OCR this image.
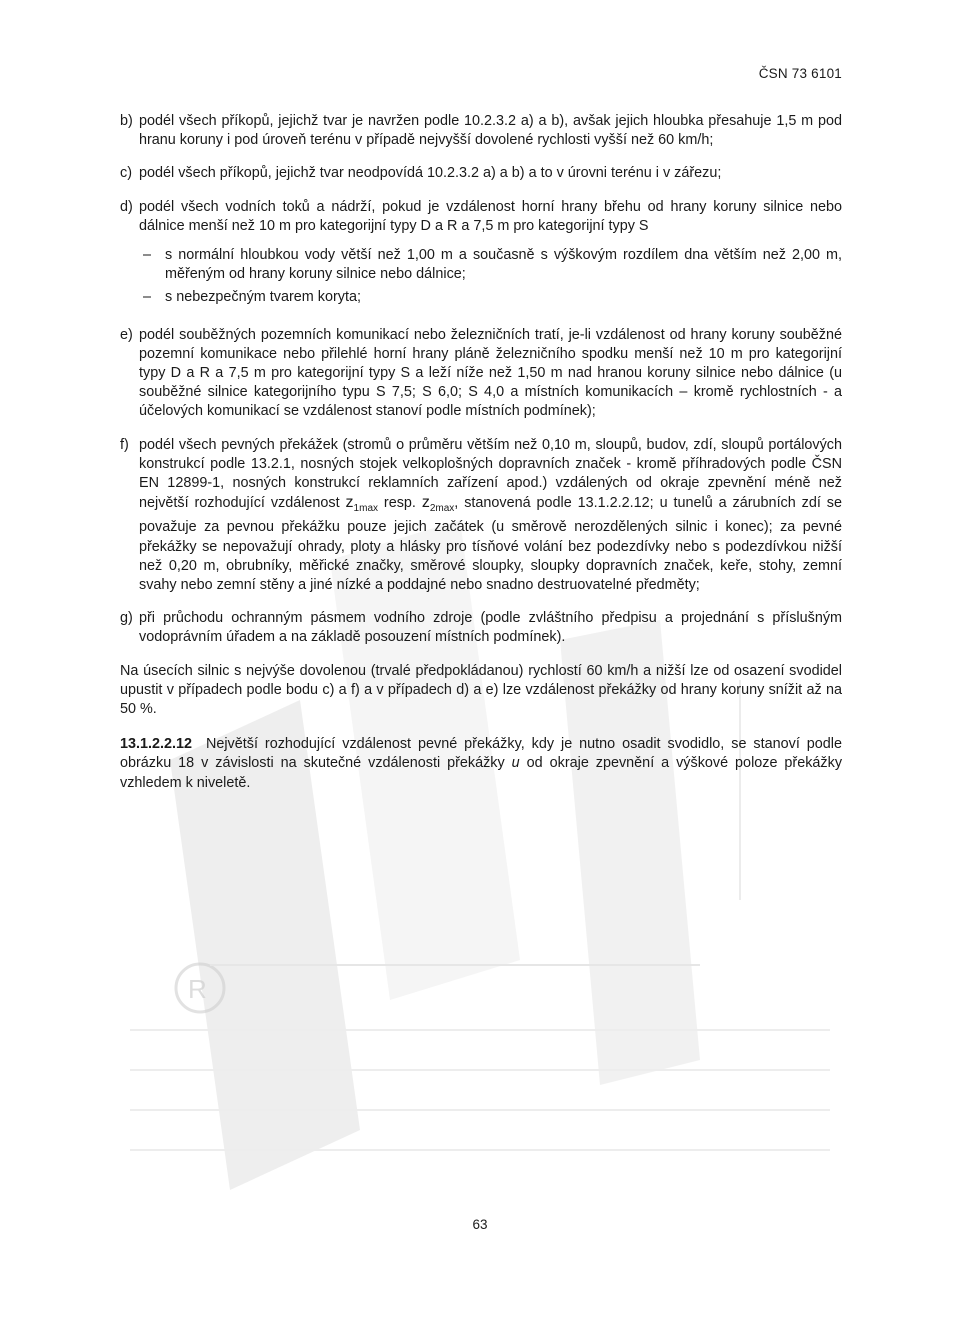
R
ČSN 73 6101
b) podél všech příkopů, jejichž tvar je navržen podle 10.2.3.2 a) a b), avšak jejich hloubka přesahuje 1,5 m pod hranu koruny i pod úroveň terénu v případě nejvyšší dovolené rychlosti vyšší než 60 km/h;
c) podél všech příkopů, jejichž tvar neodpovídá 10.2.3.2 a) a b) a to v úrovni terénu i v zářezu;
d) podél všech vodních toků a nádrží, pokud je vzdálenost horní hrany břehu od hrany koruny silnice nebo dálnice menší než 10 m pro kategorijní typy D a R a 7,5 m pro kategorijní typy S
– s normální hloubkou vody větší než 1,00 m a současně s výškovým rozdílem dna větším než 2,00 m, měřeným od hrany koruny silnice nebo dálnice;
– s nebezpečným tvarem koryta;
e) podél souběžných pozemních komunikací nebo železničních tratí, je-li vzdálenost od hrany koruny souběžné pozemní komunikace nebo přilehlé horní hrany pláně železničního spodku menší než 10 m pro kategorijní typy D a R a 7,5 m pro kategorijní typy S a leží níže než 1,50 m nad hranou koruny silnice nebo dálnice (u souběžné silnice kategorijního typu S 7,5; S 6,0; S 4,0 a místních komunikacích – kromě rychlostních - a účelových komunikací se vzdálenost stanoví podle místních podmínek);
f) podél všech pevných překážek (stromů o průměru větším než 0,10 m, sloupů, budov, zdí, sloupů portálových konstrukcí podle 13.2.1, nosných stojek velkoplošných dopravních značek - kromě příhradových podle ČSN EN 12899-1, nosných konstrukcí reklamních zařízení apod.) vzdálených od okraje zpevnění méně než největší rozhodující vzdálenost $z_{1max}$ resp. $z_{2max}$, stanovená podle 13.1.2.2.12; u tunelů a zárubních zdí se považuje za pevnou překážku pouze jejich začátek (u směrově nerozdělených silnic i konec); za pevné překážky se nepovažují ohrady, ploty a hlásky pro tísňové volání bez podezdívky nebo s podezdívkou nižší než 0,20 m, obrubníky, měřické značky, směrové sloupky, sloupky dopravních značek, keře, stohy, zemní svahy nebo zemní stěny a jiné nízké a poddajné nebo snadno destruovatelné předměty;
g) při průchodu ochranným pásmem vodního zdroje (podle zvláštního předpisu a projednání s příslušným vodoprávním úřadem a na základě posouzení místních podmínek).

Na úsecích silnic s nejvýše dovolenou (trvalé předpokládanou) rychlostí 60 km/h a nižší lze od osazení svodidel upustit v případech podle bodu c) a f) a v případech d) a e) lze vzdálenost překážky od hrany koruny snížit až na 50 %.

13.1.2.2.12 Největší rozhodující vzdálenost pevné překážky, kdy je nutno osadit svodidlo, se stanoví podle obrázku 18 v závislosti na skutečné vzdálenosti překážky u od okraje zpevnění a výškové poloze překážky vzhledem k niveletě.

63
